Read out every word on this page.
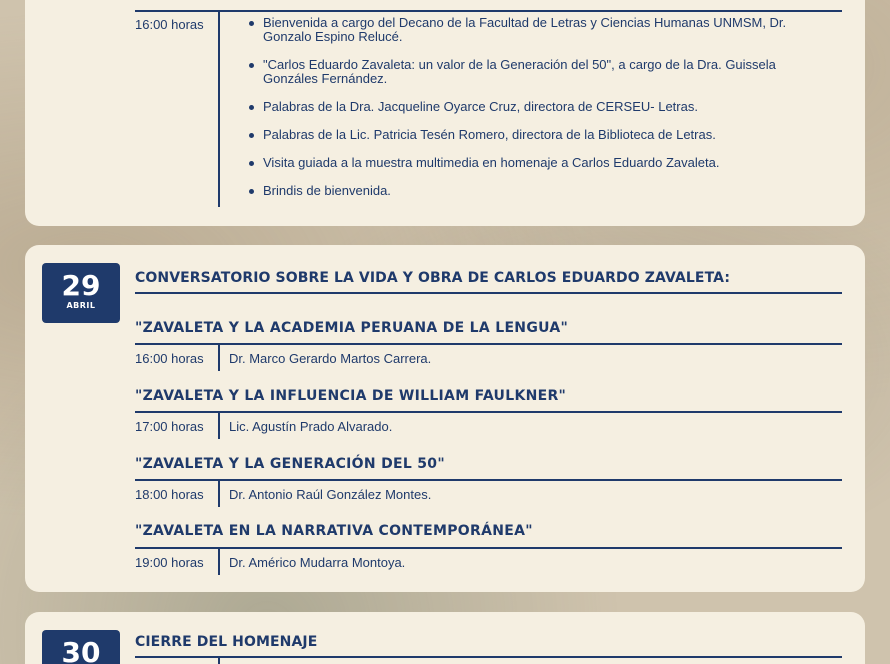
16:00 horas	Bienvenida a cargo del Decano de la Facultad de Letras y Ciencias Humanas UNMSM, Dr. Gonzalo Espino Relucé.
"Carlos Eduardo Zavaleta: un valor de la Generación del 50", a cargo de la Dra. Guissela Gonzáles Fernández.
Palabras de la Dra. Jacqueline Oyarce Cruz, directora de CERSEU- Letras.
Palabras de la Lic. Patricia Tesén Romero, directora de la Biblioteca de Letras.
Visita guiada a la muestra multimedia en homenaje a Carlos Eduardo Zavaleta.
Brindis de bienvenida.
29
ABRIL
CONVERSATORIO SOBRE LA VIDA Y OBRA DE CARLOS EDUARDO ZAVALETA:
"ZAVALETA Y LA ACADEMIA PERUANA DE LA LENGUA"
16:00 horas Dr. Marco Gerardo Martos Carrera.
"ZAVALETA Y LA INFLUENCIA DE WILLIAM FAULKNER"
17:00 horas Lic. Agustín Prado Alvarado.
"ZAVALETA Y LA GENERACIÓN DEL 50"
18:00 horas Dr. Antonio Raúl González Montes.
"ZAVALETA EN LA NARRATIVA CONTEMPORÁNEA"
19:00 horas Dr. Américo Mudarra Montoya.
30	CIERRE DEL HOMENAJE
